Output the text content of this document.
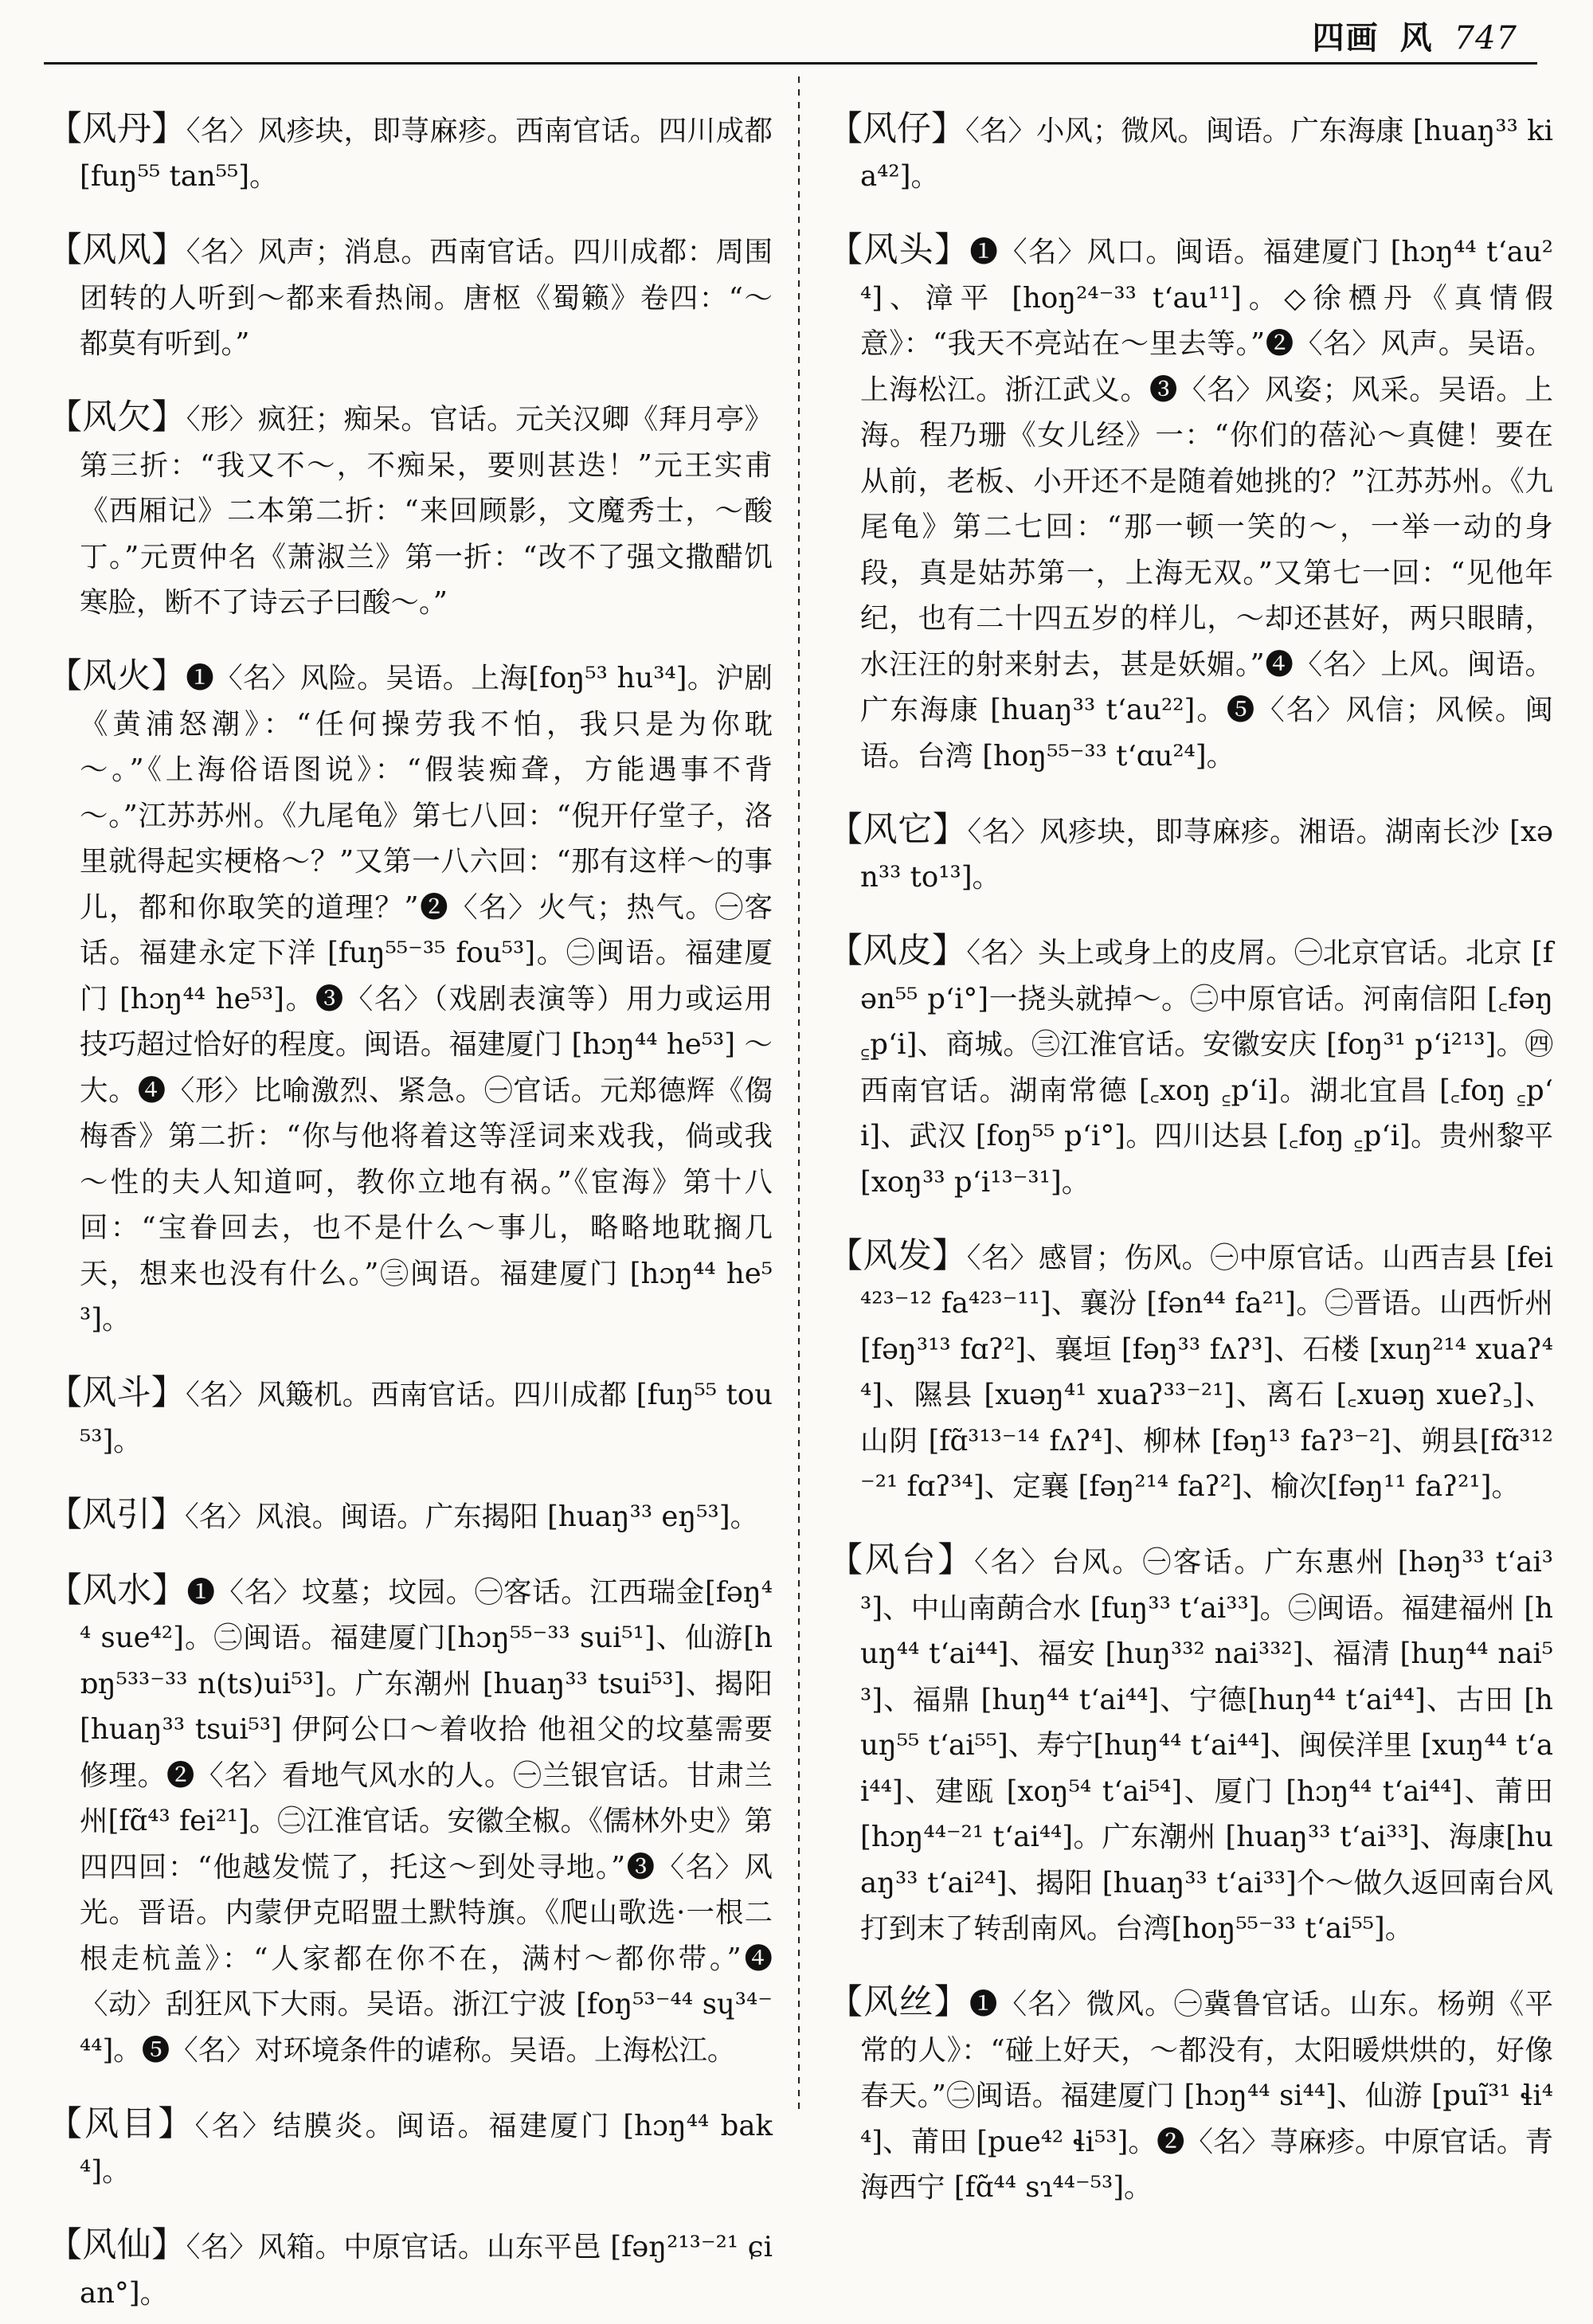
四画 风 747

【风丹】〈名〉风疹块，即荨麻疹。西南官话。四川成都 [fuŋ⁵⁵ tan⁵⁵]。

【风风】〈名〉风声；消息。西南官话。四川成都：周围团转的人听到～都来看热闹。唐枢《蜀籁》卷四：“～都莫有听到。”

【风欠】〈形〉疯狂；痴呆。官话。元关汉卿《拜月亭》第三折：“我又不～，不痴呆，要则甚迭！”元王实甫《西厢记》二本第二折：“来回顾影，文魔秀士，～酸丁。”元贾仲名《萧淑兰》第一折：“改不了强文撒醋饥寒脸，断不了诗云子曰酸～。”

【风火】❶〈名〉风险。吴语。上海[foŋ⁵³ hu³⁴]。沪剧《黄浦怒潮》：“任何操劳我不怕，我只是为你耽～。”《上海俗语图说》：“假装痴聋，方能遇事不背～。”江苏苏州。《九尾龟》第七八回：“倪开仔堂子，洛里就得起实梗格～？”又第一八六回：“那有这样～的事儿，都和你取笑的道理？”❷〈名〉火气；热气。㊀客话。福建永定下洋 [fuŋ⁵⁵⁻³⁵ fou⁵³]。㊁闽语。福建厦门 [hɔŋ⁴⁴ he⁵³]。❸〈名〉（戏剧表演等）用力或运用技巧超过恰好的程度。闽语。福建厦门 [hɔŋ⁴⁴ he⁵³] ～大。❹〈形〉比喻激烈、紧急。㊀官话。元郑德辉《㑳梅香》第二折：“你与他将着这等淫词来戏我，倘或我～性的夫人知道呵，教你立地有祸。”《宦海》第十八回：“宝眷回去，也不是什么～事儿，略略地耽搁几天，想来也没有什么。”㊂闽语。福建厦门 [hɔŋ⁴⁴ he⁵³]。

【风斗】〈名〉风簸机。西南官话。四川成都 [fuŋ⁵⁵ tou⁵³]。

【风引】〈名〉风浪。闽语。广东揭阳 [huaŋ³³ eŋ⁵³]。

【风水】❶〈名〉坟墓；坟园。㊀客话。江西瑞金[fəŋ⁴⁴ sue⁴²]。㊁闽语。福建厦门[hɔŋ⁵⁵⁻³³ sui⁵¹]、仙游[hɒŋ⁵³³⁻³³ n(ts)ui⁵³]。广东潮州 [huaŋ³³ tsui⁵³]、揭阳 [huaŋ³³ tsui⁵³] 伊阿公口～着收拾 他祖父的坟墓需要修理。❷〈名〉看地气风水的人。㊀兰银官话。甘肃兰州[fɑ̃⁴³ fei²¹]。㊁江淮官话。安徽全椒。《儒林外史》第四四回：“他越发慌了，托这～到处寻地。”❸〈名〉风光。晋语。内蒙伊克昭盟土默特旗。《爬山歌选·一根二根走杭盖》：“人家都在你不在，满村～都你带。”❹〈动〉刮狂风下大雨。吴语。浙江宁波 [foŋ⁵³⁻⁴⁴ sɥ³⁴⁻⁴⁴]。❺〈名〉对环境条件的谑称。吴语。上海松江。

【风目】〈名〉结膜炎。闽语。福建厦门 [hɔŋ⁴⁴ bak⁴]。

【风仙】〈名〉风箱。中原官话。山东平邑 [fəŋ²¹³⁻²¹ ɕian°]。

【风仔】〈名〉小风；微风。闽语。广东海康 [huaŋ³³ kia⁴²]。

【风头】❶〈名〉风口。闽语。福建厦门 [hɔŋ⁴⁴ tʻau²⁴]、漳平 [hoŋ²⁴⁻³³ tʻau¹¹]。◇徐槱丹《真情假意》：“我天不亮站在～里去等。”❷〈名〉风声。吴语。上海松江。浙江武义。❸〈名〉风姿；风采。吴语。上海。程乃珊《女儿经》一：“你们的蓓沁～真健！要在从前，老板、小开还不是随着她挑的？”江苏苏州。《九尾龟》第二七回：“那一顿一笑的～，一举一动的身段，真是姑苏第一，上海无双。”又第七一回：“见他年纪，也有二十四五岁的样儿，～却还甚好，两只眼睛，水汪汪的射来射去，甚是妖媚。”❹〈名〉上风。闽语。广东海康 [huaŋ³³ tʻau²²]。❺〈名〉风信；风候。闽语。台湾 [hoŋ⁵⁵⁻³³ tʻɑu²⁴]。

【风它】〈名〉风疹块，即荨麻疹。湘语。湖南长沙 [xən³³ to¹³]。

【风皮】〈名〉头上或身上的皮屑。㊀北京官话。北京 [fən⁵⁵ pʻi°]一挠头就掉～。㊁中原官话。河南信阳 [꜀fəŋ ꜁pʻi]、商城。㊂江淮官话。安徽安庆 [foŋ³¹ pʻi²¹³]。㊃西南官话。湖南常德 [꜀xoŋ ꜁pʻi]。湖北宜昌 [꜀foŋ ꜁pʻi]、武汉 [foŋ⁵⁵ pʻi°]。四川达县 [꜀foŋ ꜁pʻi]。贵州黎平 [xoŋ³³ pʻi¹³⁻³¹]。

【风发】〈名〉感冒；伤风。㊀中原官话。山西吉县 [fei⁴²³⁻¹² fa⁴²³⁻¹¹]、襄汾 [fən⁴⁴ fa²¹]。㊁晋语。山西忻州 [fəŋ³¹³ fɑʔ²]、襄垣 [fəŋ³³ fʌʔ³]、石楼 [xuŋ²¹⁴ xuaʔ⁴⁴]、隰县 [xuəŋ⁴¹ xuaʔ³³⁻²¹]、离石 [꜀xuəŋ xueʔ꜆]、山阴 [fɑ̃³¹³⁻¹⁴ fʌʔ⁴]、柳林 [fəŋ¹³ faʔ³⁻²]、朔县[fɑ̃³¹²⁻²¹ fɑʔ³⁴]、定襄 [fəŋ²¹⁴ faʔ²]、榆次[fəŋ¹¹ faʔ²¹]。

【风台】〈名〉台风。㊀客话。广东惠州 [həŋ³³ tʻai³³]、中山南蓢合水 [fuŋ³³ tʻai³³]。㊁闽语。福建福州 [huŋ⁴⁴ tʻai⁴⁴]、福安 [huŋ³³² nai³³²]、福清 [huŋ⁴⁴ nai⁵³]、福鼎 [huŋ⁴⁴ tʻai⁴⁴]、宁德[huŋ⁴⁴ tʻai⁴⁴]、古田 [huŋ⁵⁵ tʻai⁵⁵]、寿宁[huŋ⁴⁴ tʻai⁴⁴]、闽侯洋里 [xuŋ⁴⁴ tʻai⁴⁴]、建瓯 [xoŋ⁵⁴ tʻai⁵⁴]、厦门 [hɔŋ⁴⁴ tʻai⁴⁴]、莆田 [hɔŋ⁴⁴⁻²¹ tʻai⁴⁴]。广东潮州 [huaŋ³³ tʻai³³]、海康[huaŋ³³ tʻai²⁴]、揭阳 [huaŋ³³ tʻai³³]个～做久返回南台风打到末了转刮南风。台湾[hoŋ⁵⁵⁻³³ tʻai⁵⁵]。

【风丝】❶〈名〉微风。㊀冀鲁官话。山东。杨朔《平常的人》：“碰上好天，～都没有，太阳暖烘烘的，好像春天。”㊁闽语。福建厦门 [hɔŋ⁴⁴ si⁴⁴]、仙游 [puĩ³¹ ɬi⁴⁴]、莆田 [pue⁴² ɬi⁵³]。❷〈名〉荨麻疹。中原官话。青海西宁 [fɑ̃⁴⁴ sɿ⁴⁴⁻⁵³]。
